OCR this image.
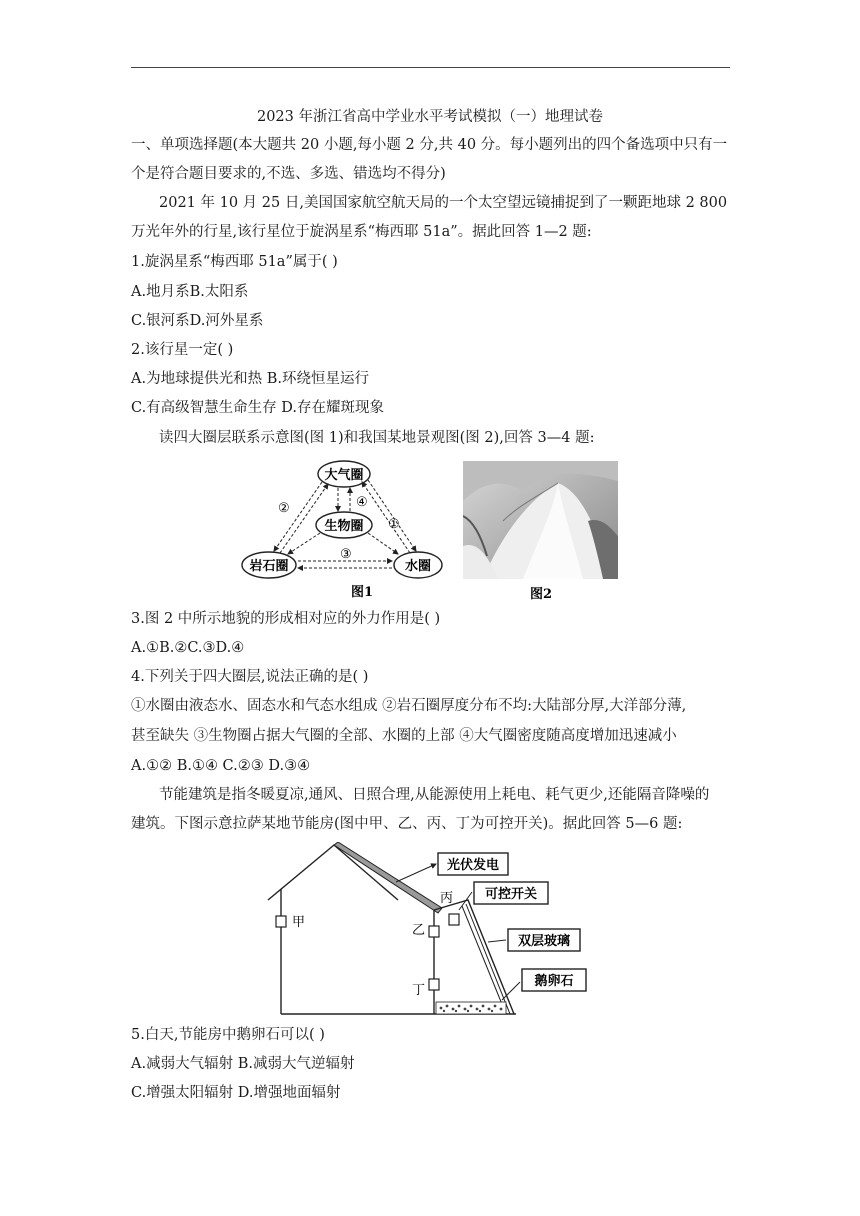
2023 年浙江省高中学业水平考试模拟（一）地理试卷
一、单项选择题(本大题共 20 小题,每小题 2 分,共 40 分。每小题列出的四个备选项中只有一
个是符合题目要求的,不选、多选、错选均不得分)
2021 年 10 月 25 日,美国国家航空航天局的一个太空望远镜捕捉到了一颗距地球 2 800
万光年外的行星,该行星位于旋涡星系“梅西耶 51a”。据此回答 1—2 题:
1.旋涡星系“梅西耶 51a”属于( )
A.地月系B.太阳系
C.银河系D.河外星系
2.该行星一定( )
A.为地球提供光和热 B.环绕恒星运行
C.有高级智慧生命生存 D.存在耀斑现象
读四大圈层联系示意图(图 1)和我国某地景观图(图 2),回答 3—4 题:
大气圈
生物圈
岩石圈	水圈
①
②
③
④
图1	图2
3.图 2 中所示地貌的形成相对应的外力作用是( )
A.①B.②C.③D.④
4.下列关于四大圈层,说法正确的是( )
①水圈由液态水、固态水和气态水组成 ②岩石圈厚度分布不均:大陆部分厚,大洋部分薄,
甚至缺失 ③生物圈占据大气圈的全部、水圈的上部 ④大气圈密度随高度增加迅速减小
A.①② B.①④ C.②③ D.③④
节能建筑是指冬暖夏凉,通风、日照合理,从能源使用上耗电、耗气更少,还能隔音降噪的
建筑。下图示意拉萨某地节能房(图中甲、乙、丙、丁为可控开关)。据此回答 5—6 题:
甲
乙
丙
丁
光伏发电
可控开关
双层玻璃
鹅卵石
5.白天,节能房中鹅卵石可以( )
A.减弱大气辐射 B.减弱大气逆辐射
C.增强太阳辐射 D.增强地面辐射
